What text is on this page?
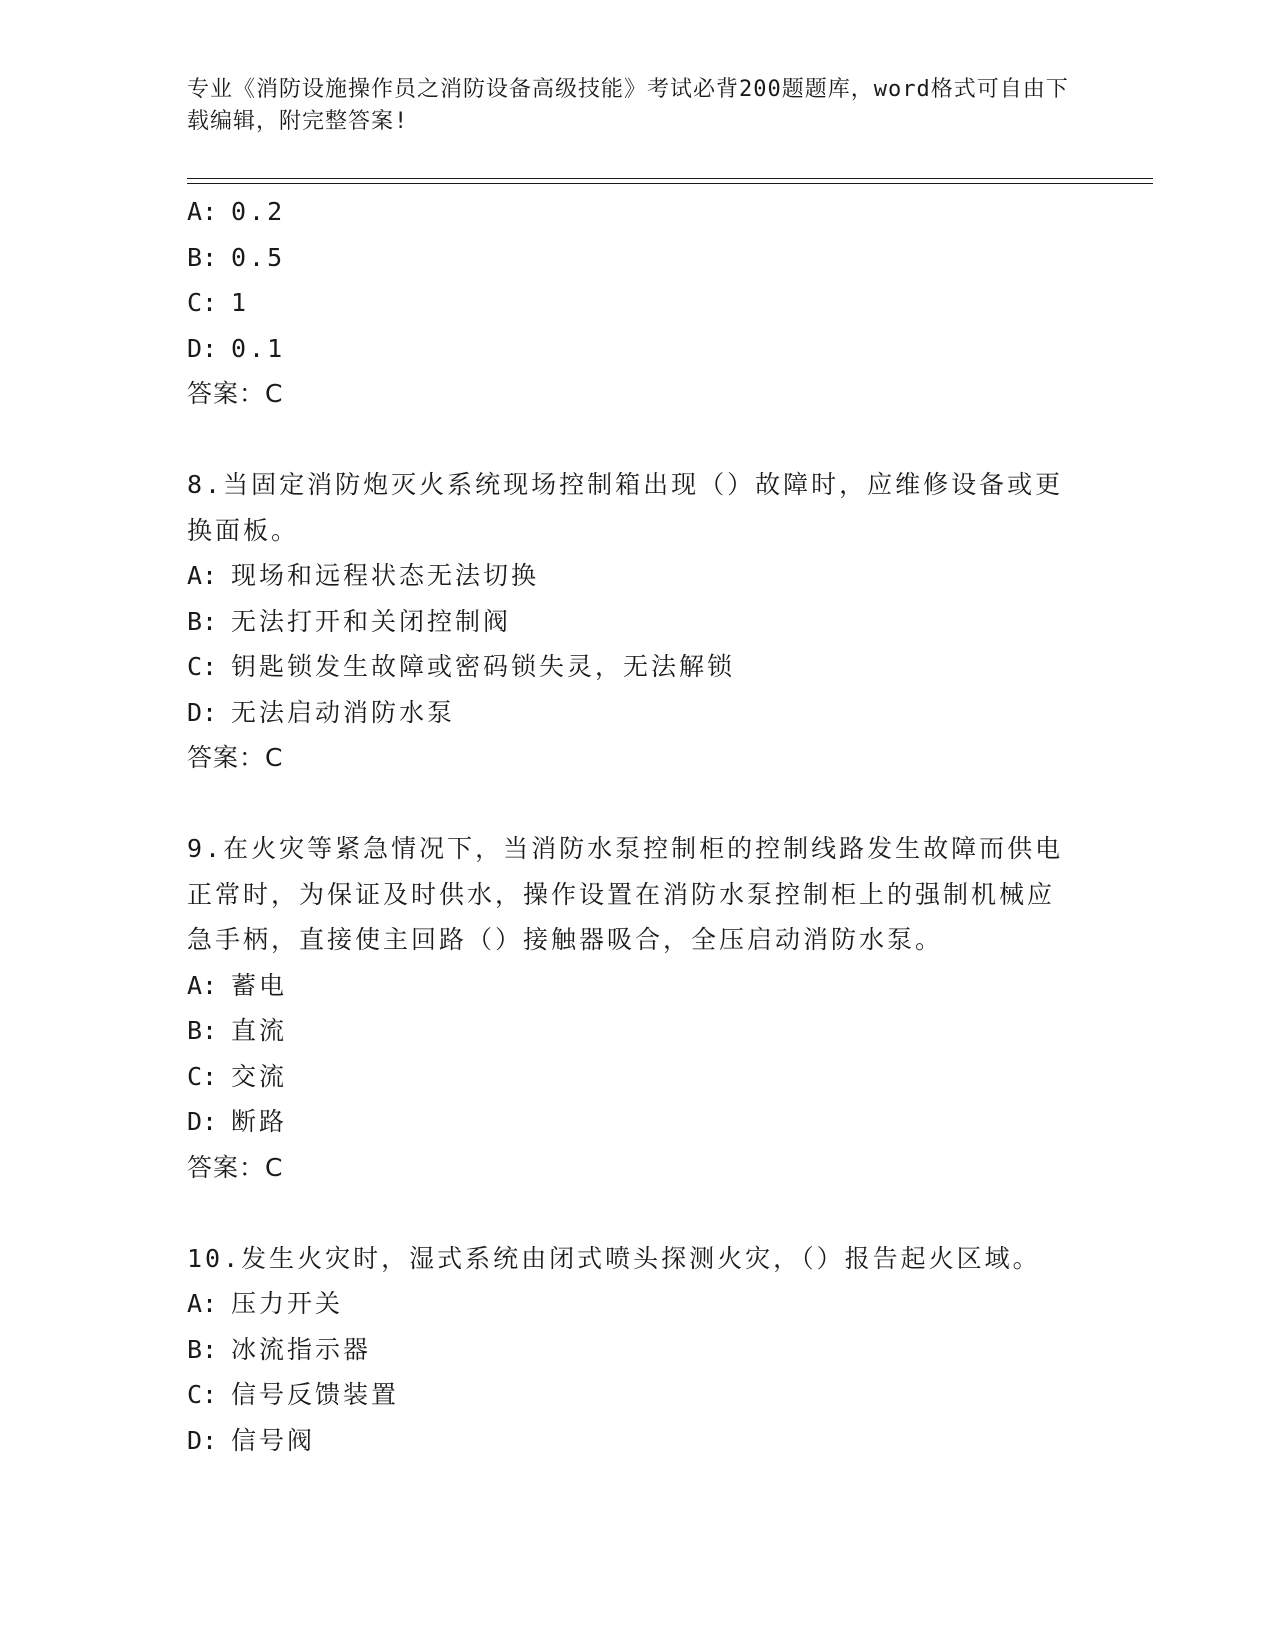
专业《消防设施操作员之消防设备高级技能》考试必背200题题库，word格式可自由下载编辑，附完整答案!
A: 0.2
B: 0.5
C: 1
D: 0.1
答案：C
8.当固定消防炮灭火系统现场控制箱出现（）故障时，应维修设备或更换面板。
A: 现场和远程状态无法切换
B: 无法打开和关闭控制阀
C: 钥匙锁发生故障或密码锁失灵，无法解锁
D: 无法启动消防水泵
答案：C
9.在火灾等紧急情况下，当消防水泵控制柜的控制线路发生故障而供电正常时，为保证及时供水，操作设置在消防水泵控制柜上的强制机械应急手柄，直接使主回路（）接触器吸合，全压启动消防水泵。
A: 蓄电
B: 直流
C: 交流
D: 断路
答案：C
10.发生火灾时，湿式系统由闭式喷头探测火灾，（）报告起火区域。
A: 压力开关
B: 冰流指示器
C: 信号反馈装置
D: 信号阀
